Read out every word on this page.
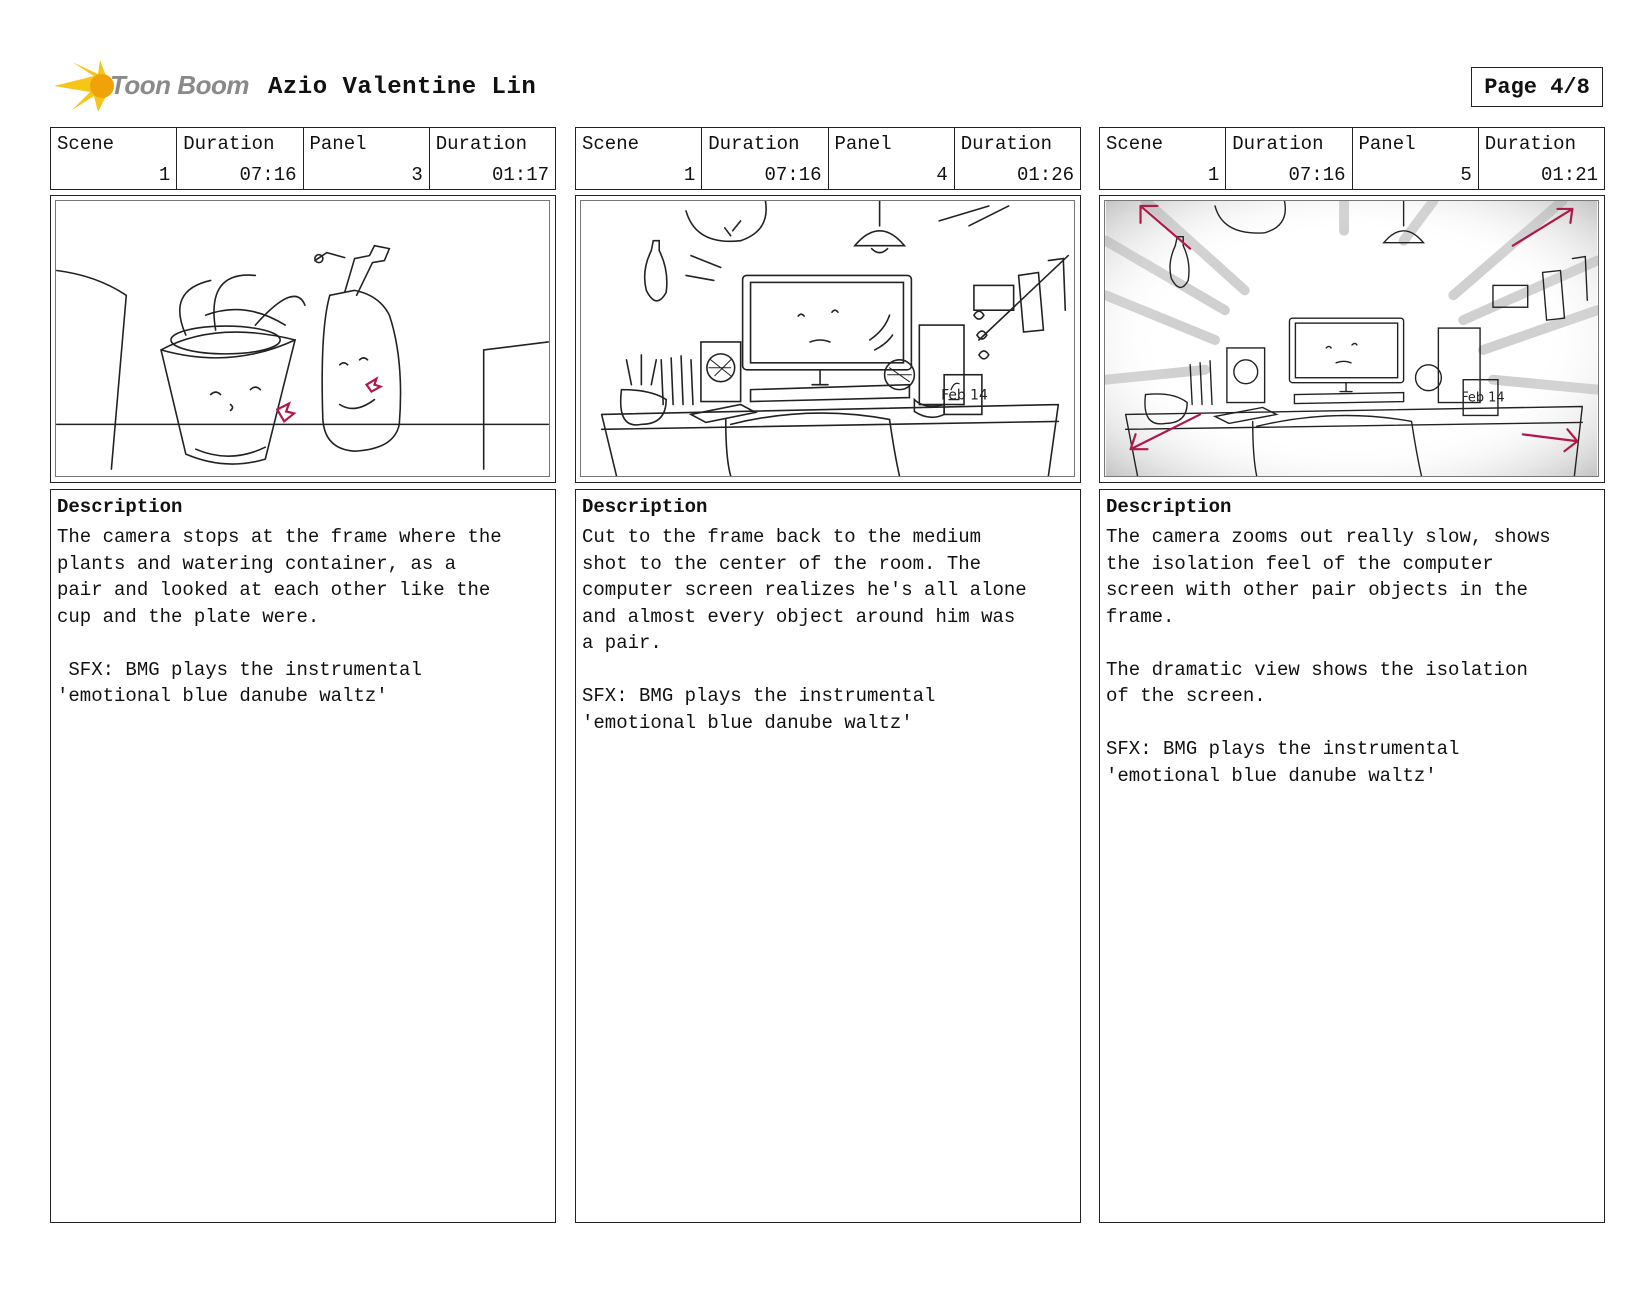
Toon Boom Azio Valentine Lin	Page 4/8
Scene
1
Duration
07:16
Panel
3
Duration
01:17
Description
The camera stops at the frame where the
plants and watering container, as a
pair and looked at each other like the
cup and the plate were.

SFX: BMG plays the instrumental
'emotional blue danube waltz'
Scene
1
Duration
07:16
Panel
4
Duration
01:26
Feb 14
Description
Cut to the frame back to the medium
shot to the center of the room. The
computer screen realizes he's all alone
and almost every object around him was
a pair.

SFX: BMG plays the instrumental
'emotional blue danube waltz'
Scene
1
Duration
07:16
Panel
5
Duration
01:21
Feb 14
Description
The camera zooms out really slow, shows
the isolation feel of the computer
screen with other pair objects in the
frame.

The dramatic view shows the isolation
of the screen.

SFX: BMG plays the instrumental
'emotional blue danube waltz'
